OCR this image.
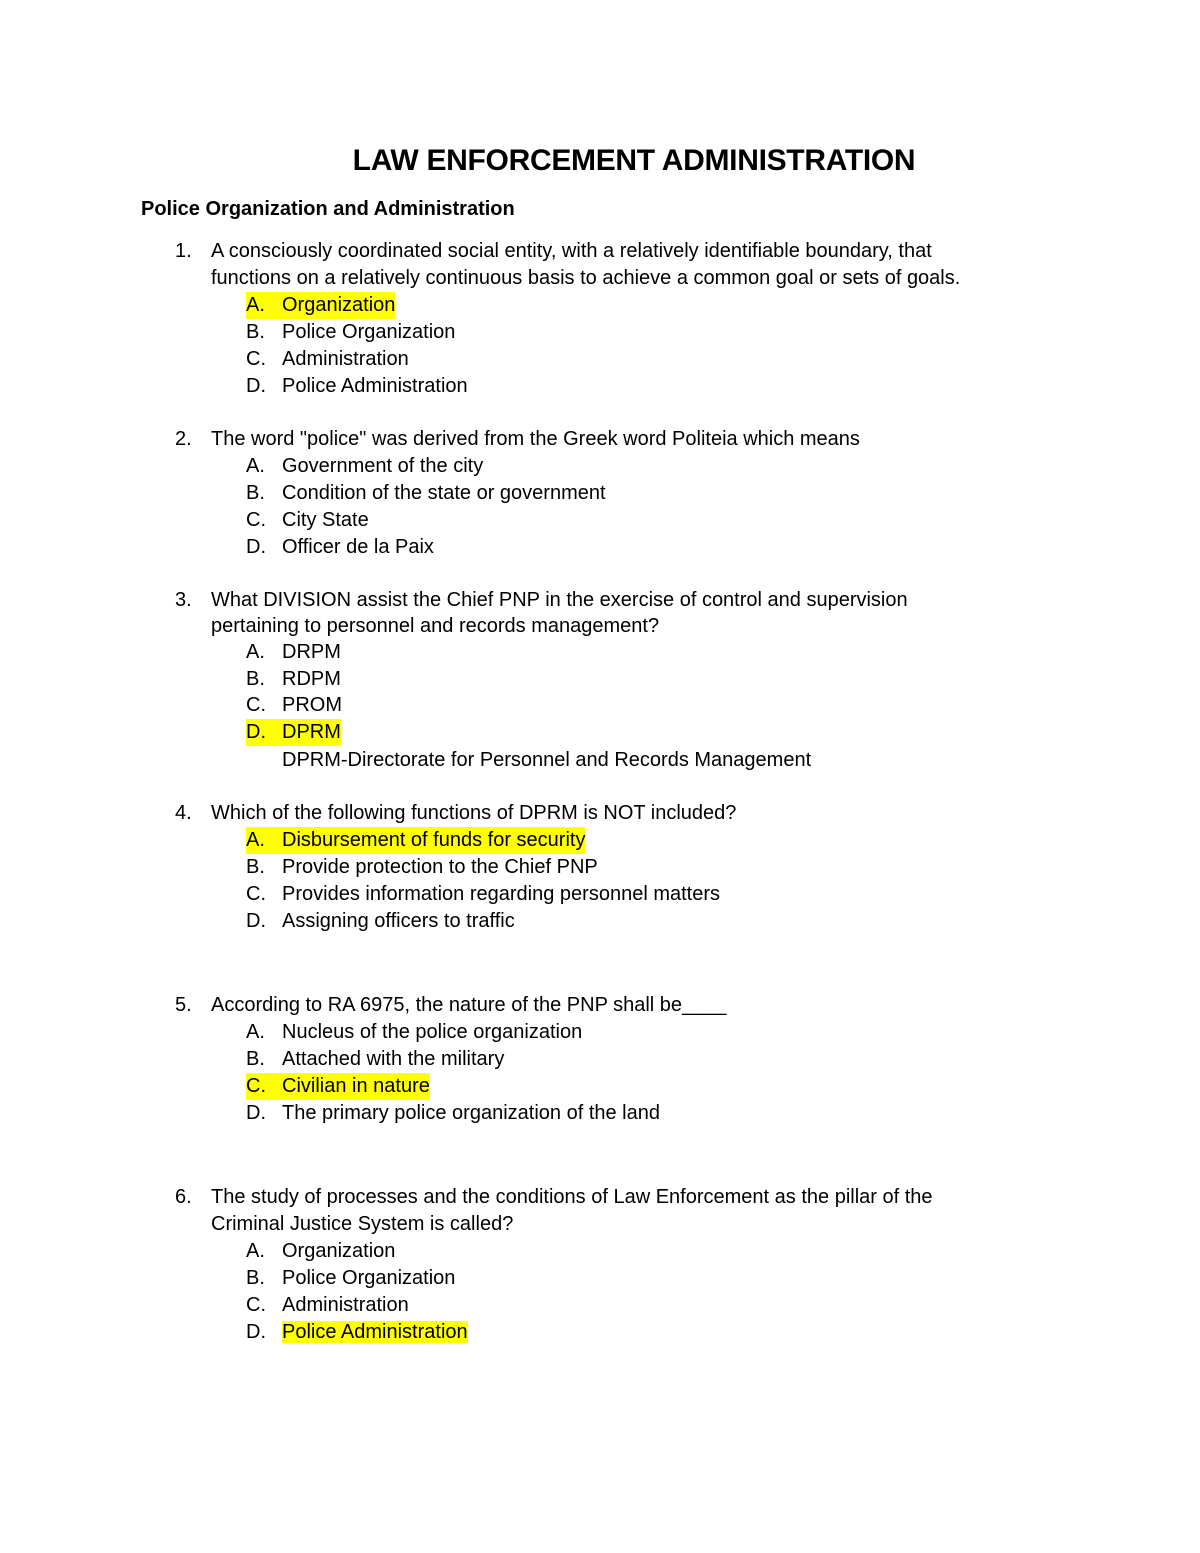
LAW ENFORCEMENT ADMINISTRATION
Police Organization and Administration
1. A consciously coordinated social entity, with a relatively identifiable boundary, that
functions on a relatively continuous basis to achieve a common goal or sets of goals.
A. Organization
B. Police Organization
C. Administration
D. Police Administration
2. The word "police" was derived from the Greek word Politeia which means
A. Government of the city
B. Condition of the state or government
C. City State
D. Officer de la Paix
3. What DIVISION assist the Chief PNP in the exercise of control and supervision
pertaining to personnel and records management?
A. DRPM
B. RDPM
C. PROM
D. DPRM
DPRM-Directorate for Personnel and Records Management
4. Which of the following functions of DPRM is NOT included?
A. Disbursement of funds for security
B. Provide protection to the Chief PNP
C. Provides information regarding personnel matters
D. Assigning officers to traffic
5. According to RA 6975, the nature of the PNP shall be____
A. Nucleus of the police organization
B. Attached with the military
C. Civilian in nature
D. The primary police organization of the land
6. The study of processes and the conditions of Law Enforcement as the pillar of the
Criminal Justice System is called?
A. Organization
B. Police Organization
C. Administration
D. Police Administration
